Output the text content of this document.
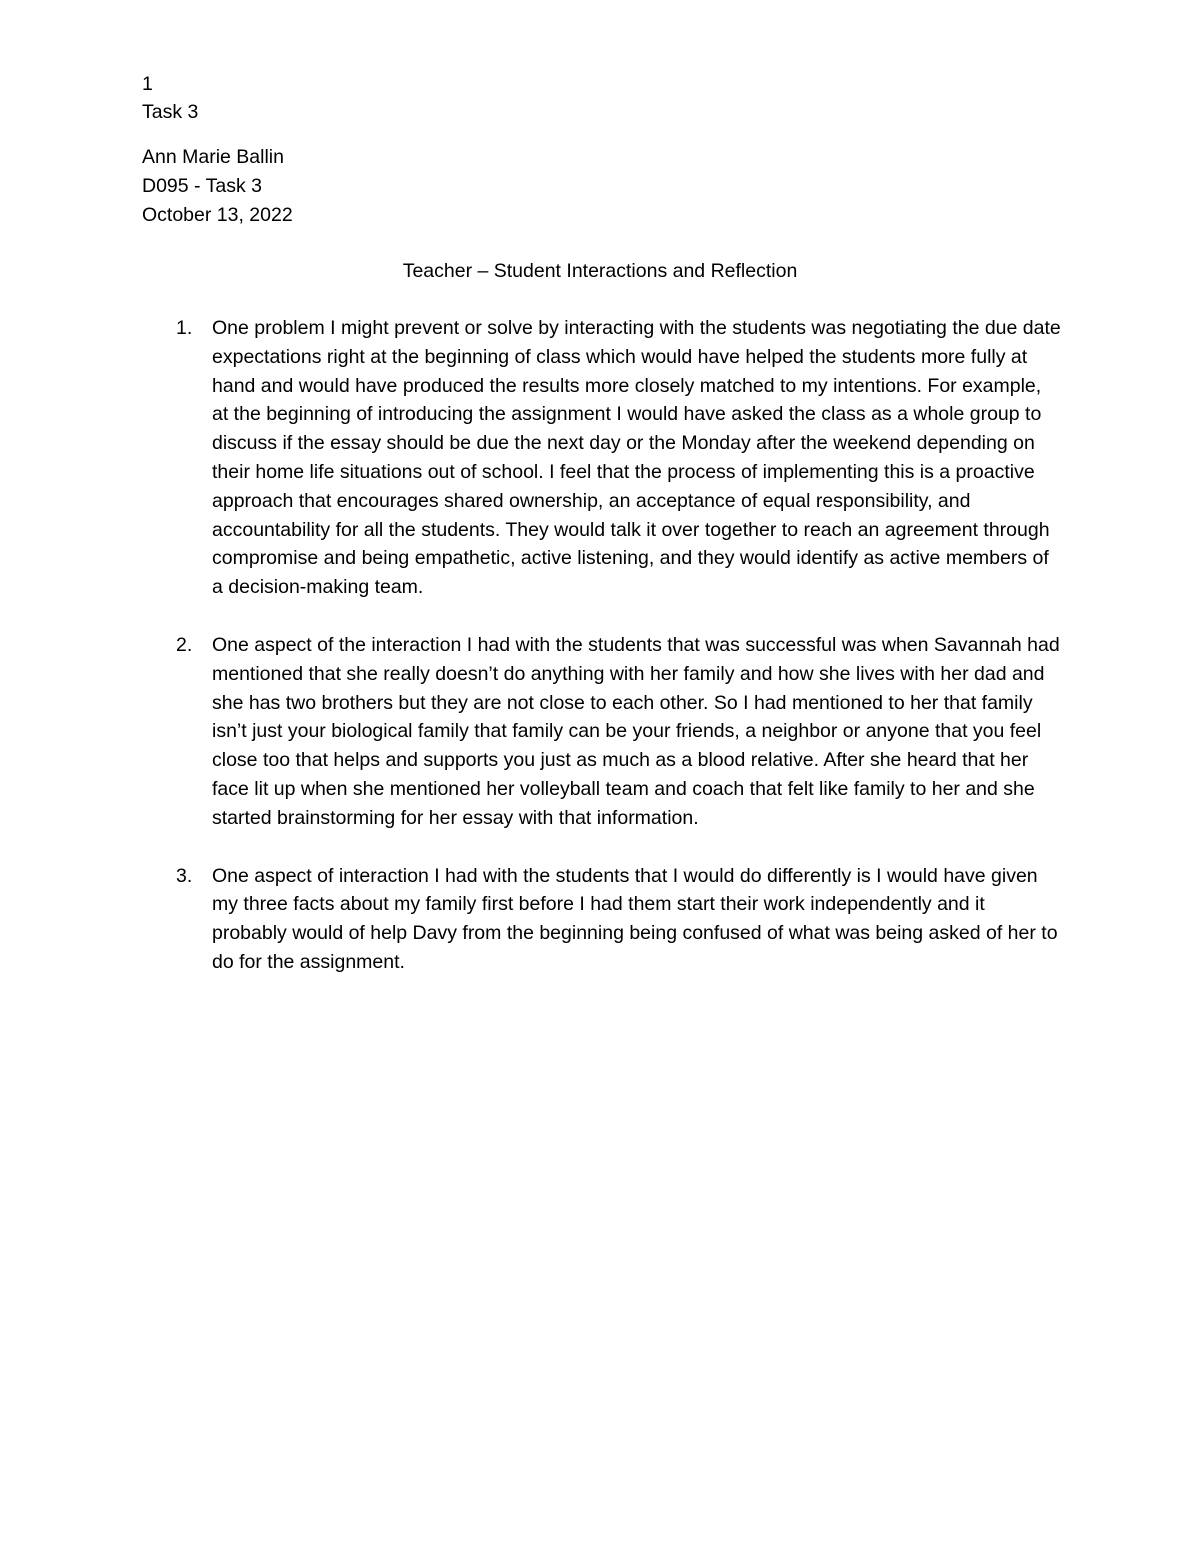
1
Task 3
Ann Marie Ballin
D095 - Task 3
October 13, 2022
Teacher – Student Interactions and Reflection
1. One problem I might prevent or solve by interacting with the students was negotiating the due date expectations right at the beginning of class which would have helped the students more fully at hand and would have produced the results more closely matched to my intentions. For example, at the beginning of introducing the assignment I would have asked the class as a whole group to discuss if the essay should be due the next day or the Monday after the weekend depending on their home life situations out of school. I feel that the process of implementing this is a proactive approach that encourages shared ownership, an acceptance of equal responsibility, and accountability for all the students. They would talk it over together to reach an agreement through compromise and being empathetic, active listening, and they would identify as active members of a decision-making team.
2. One aspect of the interaction I had with the students that was successful was when Savannah had mentioned that she really doesn’t do anything with her family and how she lives with her dad and she has two brothers but they are not close to each other. So I had mentioned to her that family isn’t just your biological family that family can be your friends, a neighbor or anyone that you feel close too that helps and supports you just as much as a blood relative. After she heard that her face lit up when she mentioned her volleyball team and coach that felt like family to her and she started brainstorming for her essay with that information.
3. One aspect of interaction I had with the students that I would do differently is I would have given my three facts about my family first before I had them start their work independently and it probably would of help Davy from the beginning being confused of what was being asked of her to do for the assignment.
